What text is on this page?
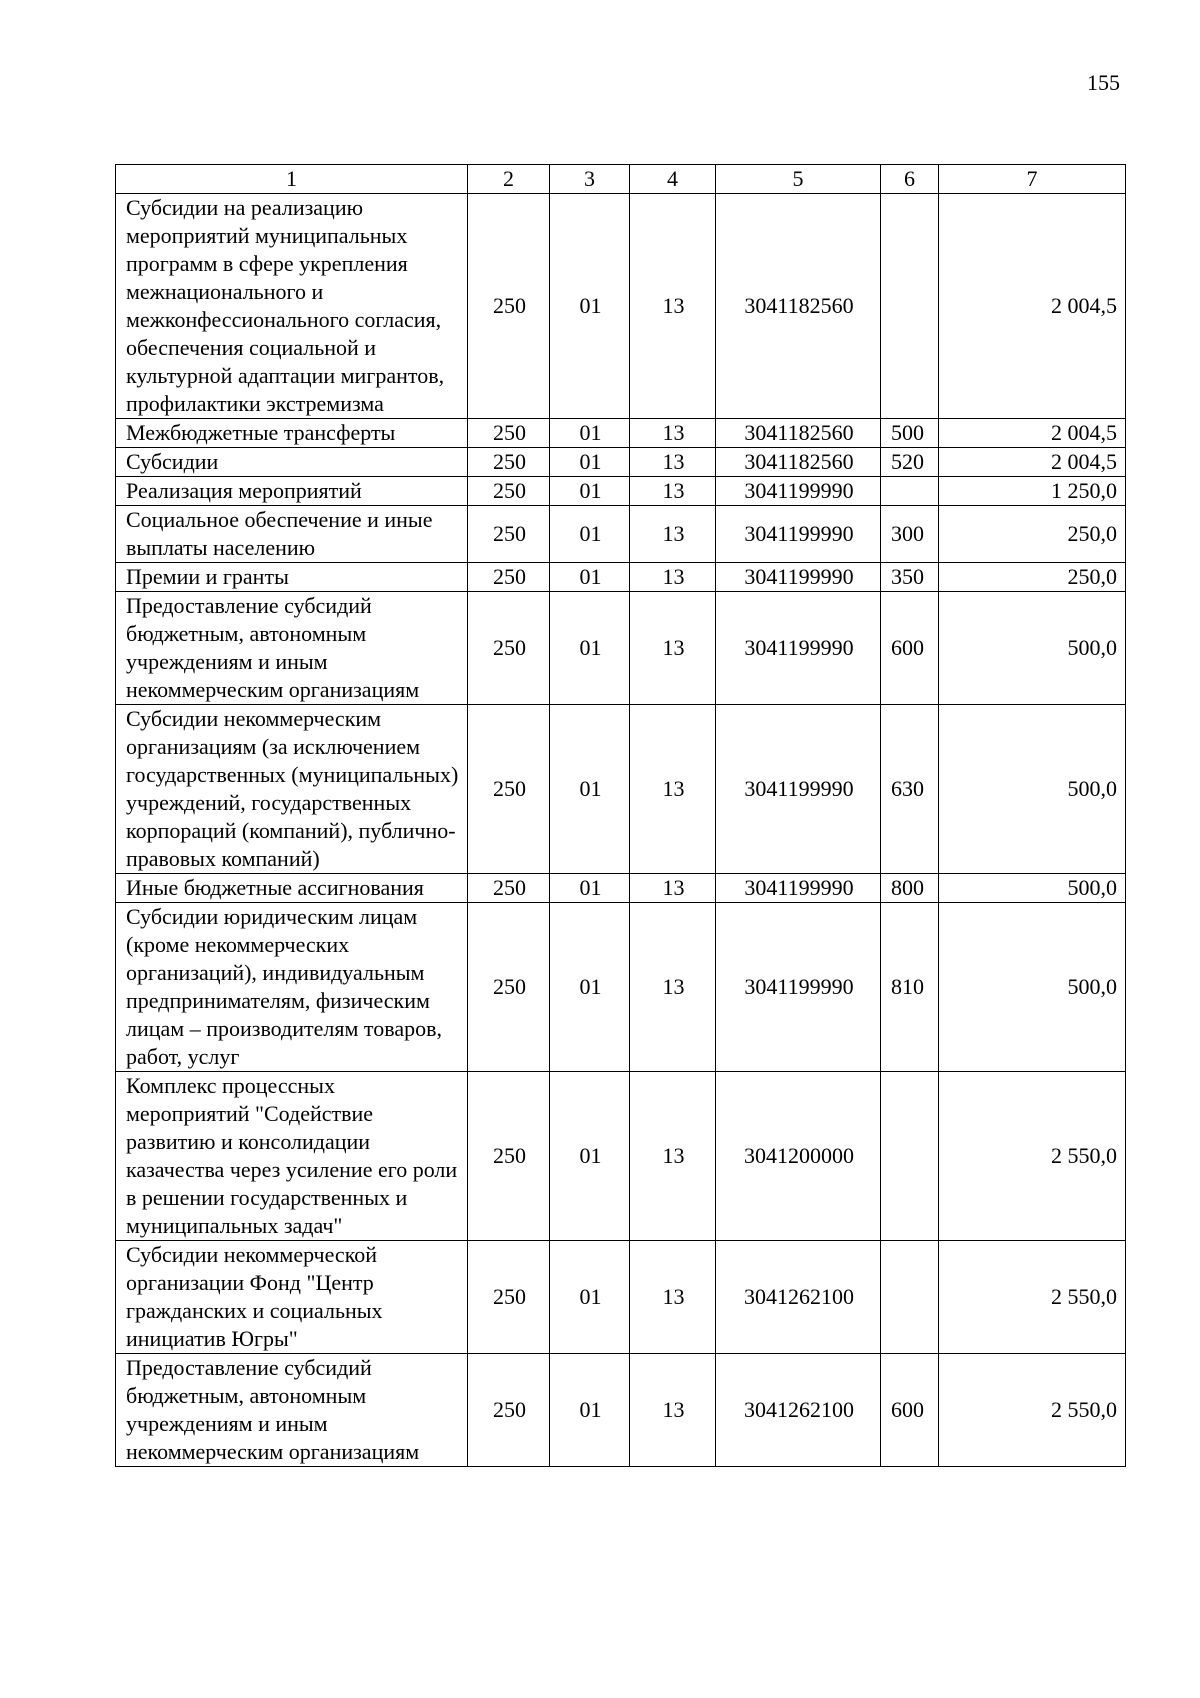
155
1	2	3	4	5	6	7
Субсидии на реализацию мероприятий муниципальных программ в сфере укрепления межнационального и межконфессионального согласия, обеспечения социальной и культурной адаптации мигрантов, профилактики экстремизма	250	01	13	3041182560		2 004,5
Межбюджетные трансферты	250	01	13	3041182560	500	2 004,5
Субсидии	250	01	13	3041182560	520	2 004,5
Реализация мероприятий	250	01	13	3041199990		1 250,0
Социальное обеспечение и иные выплаты населению	250	01	13	3041199990	300	250,0
Премии и гранты	250	01	13	3041199990	350	250,0
Предоставление субсидий бюджетным, автономным учреждениям и иным некоммерческим организациям	250	01	13	3041199990	600	500,0
Субсидии некоммерческим организациям (за исключением государственных (муниципальных) учреждений, государственных корпораций (компаний), публично-правовых компаний)	250	01	13	3041199990	630	500,0
Иные бюджетные ассигнования	250	01	13	3041199990	800	500,0
Субсидии юридическим лицам (кроме некоммерческих организаций), индивидуальным предпринимателям, физическим лицам – производителям товаров, работ, услуг	250	01	13	3041199990	810	500,0
Комплекс процессных мероприятий "Содействие развитию и консолидации казачества через усиление его роли в решении государственных и муниципальных задач"	250	01	13	3041200000		2 550,0
Субсидии некоммерческой организации Фонд "Центр гражданских и социальных инициатив Югры"	250	01	13	3041262100		2 550,0
Предоставление субсидий бюджетным, автономным учреждениям и иным некоммерческим организациям	250	01	13	3041262100	600	2 550,0
